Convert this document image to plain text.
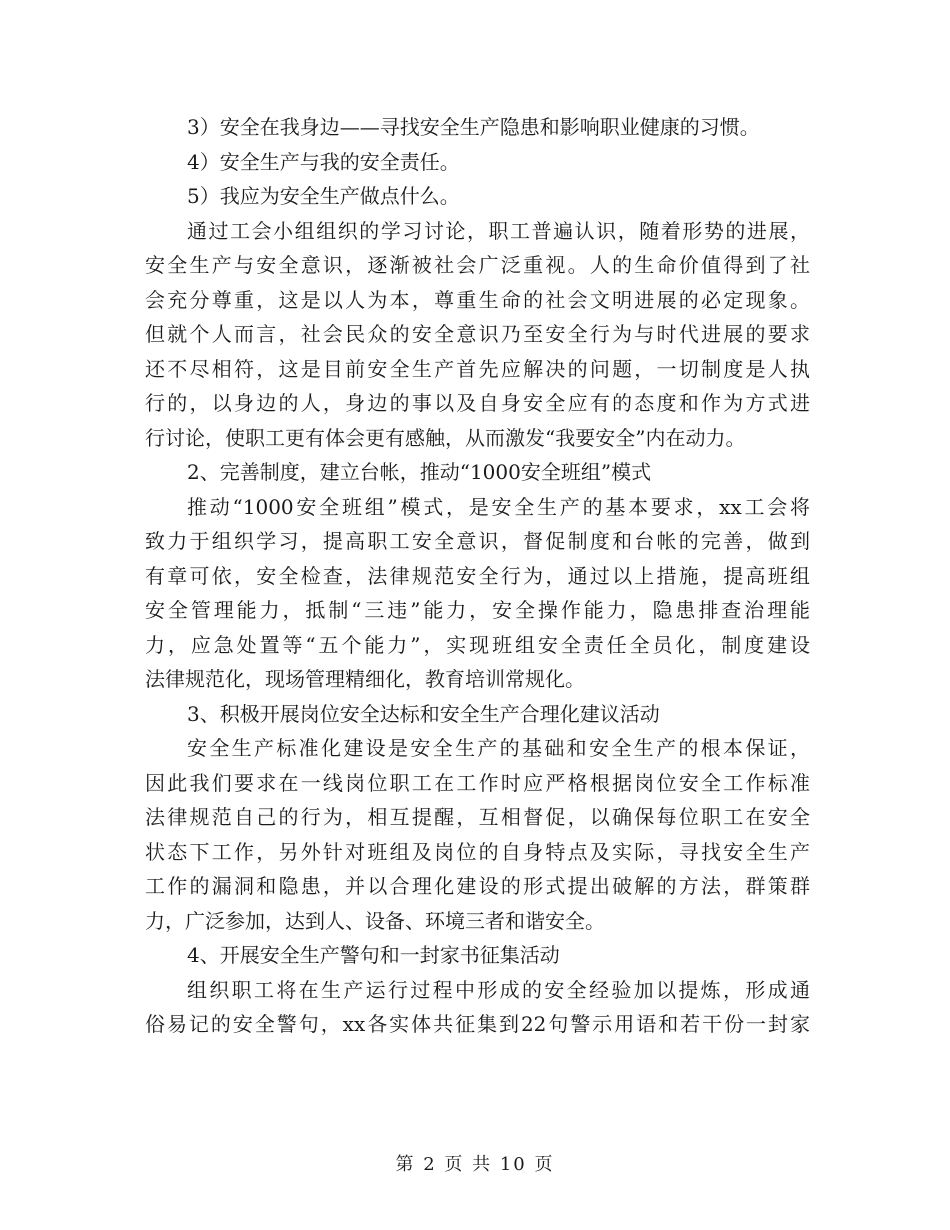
3）安全在我身边——寻找安全生产隐患和影响职业健康的习惯。
4）安全生产与我的安全责任。
5）我应为安全生产做点什么。
通过工会小组组织的学习讨论，职工普遍认识，随着形势的进展，
安全生产与安全意识，逐渐被社会广泛重视。人的生命价值得到了社
会充分尊重，这是以人为本，尊重生命的社会文明进展的必定现象。
但就个人而言，社会民众的安全意识乃至安全行为与时代进展的要求
还不尽相符，这是目前安全生产首先应解决的问题，一切制度是人执
行的，以身边的人，身边的事以及自身安全应有的态度和作为方式进
行讨论，使职工更有体会更有感触，从而激发“我要安全”内在动力。
2、完善制度，建立台帐，推动“1000安全班组”模式
推动“1000安全班组”模式，是安全生产的基本要求，xx工会将
致力于组织学习，提高职工安全意识，督促制度和台帐的完善，做到
有章可依，安全检查，法律规范安全行为，通过以上措施，提高班组
安全管理能力，抵制“三违”能力，安全操作能力，隐患排查治理能
力，应急处置等“五个能力”，实现班组安全责任全员化，制度建设
法律规范化，现场管理精细化，教育培训常规化。
3、积极开展岗位安全达标和安全生产合理化建议活动
安全生产标准化建设是安全生产的基础和安全生产的根本保证，
因此我们要求在一线岗位职工在工作时应严格根据岗位安全工作标准
法律规范自己的行为，相互提醒，互相督促，以确保每位职工在安全
状态下工作，另外针对班组及岗位的自身特点及实际，寻找安全生产
工作的漏洞和隐患，并以合理化建设的形式提出破解的方法，群策群
力，广泛参加，达到人、设备、环境三者和谐安全。
4、开展安全生产警句和一封家书征集活动
组织职工将在生产运行过程中形成的安全经验加以提炼，形成通
俗易记的安全警句，xx各实体共征集到22句警示用语和若干份一封家
第 2 页 共 10 页
